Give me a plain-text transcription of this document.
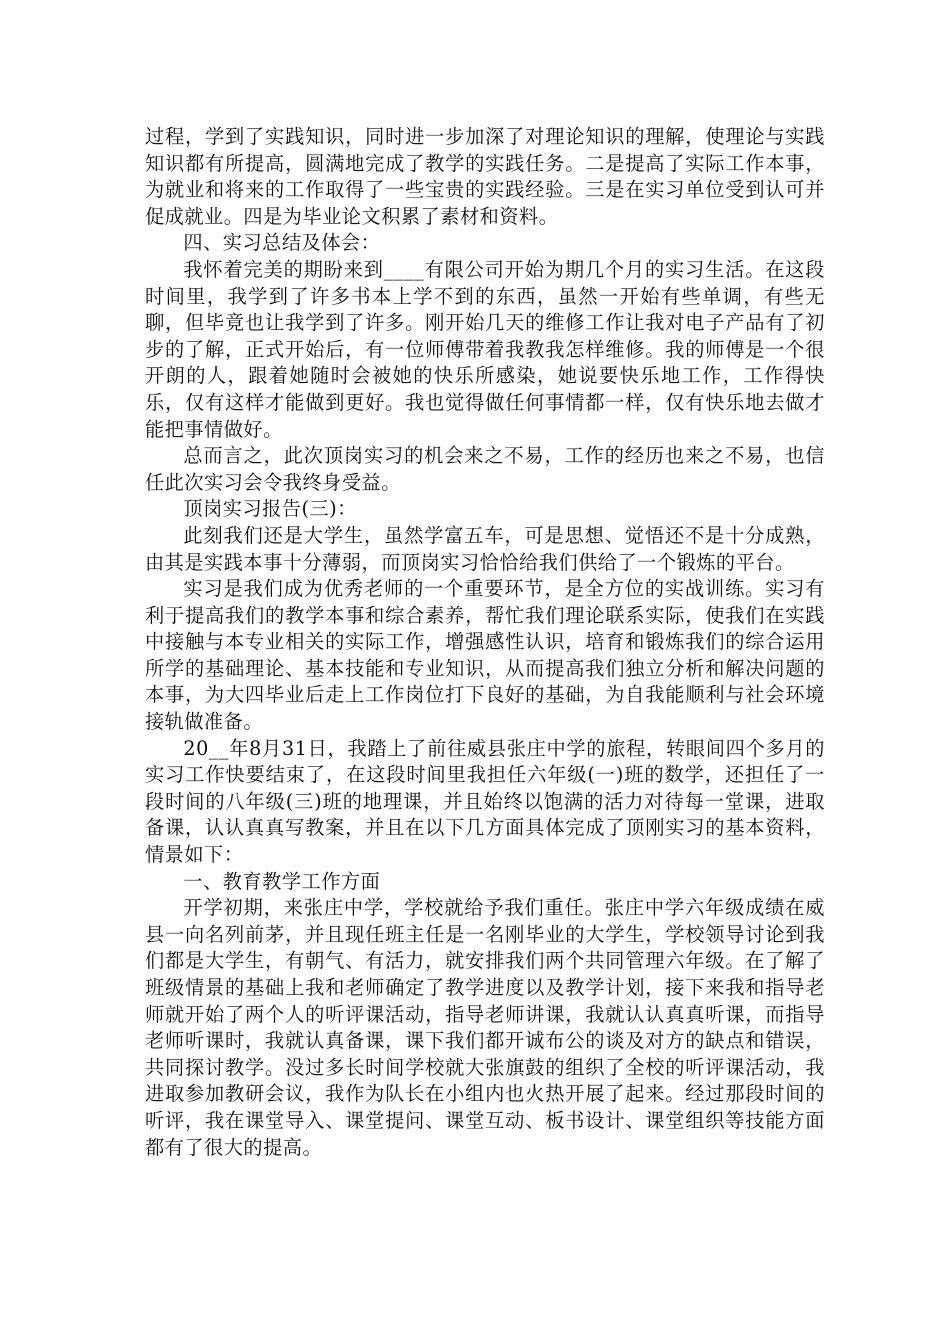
过程，学到了实践知识，同时进一步加深了对理论知识的理解，使理论与实践知识都有所提高，圆满地完成了教学的实践任务。二是提高了实际工作本事，为就业和将来的工作取得了一些宝贵的实践经验。三是在实习单位受到认可并促成就业。四是为毕业论文积累了素材和资料。

四、实习总结及体会：

我怀着完美的期盼来到____有限公司开始为期几个月的实习生活。在这段时间里，我学到了许多书本上学不到的东西，虽然一开始有些单调，有些无聊，但毕竟也让我学到了许多。刚开始几天的维修工作让我对电子产品有了初步的了解，正式开始后，有一位师傅带着我教我怎样维修。我的师傅是一个很开朗的人，跟着她随时会被她的快乐所感染，她说要快乐地工作，工作得快乐，仅有这样才能做到更好。我也觉得做任何事情都一样，仅有快乐地去做才能把事情做好。

总而言之，此次顶岗实习的机会来之不易，工作的经历也来之不易，也信任此次实习会令我终身受益。

顶岗实习报告(三)：

此刻我们还是大学生，虽然学富五车，可是思想、觉悟还不是十分成熟，由其是实践本事十分薄弱，而顶岗实习恰恰给我们供给了一个锻炼的平台。

实习是我们成为优秀老师的一个重要环节，是全方位的实战训练。实习有利于提高我们的教学本事和综合素养，帮忙我们理论联系实际，使我们在实践中接触与本专业相关的实际工作，增强感性认识，培育和锻炼我们的综合运用所学的基础理论、基本技能和专业知识，从而提高我们独立分析和解决问题的本事，为大四毕业后走上工作岗位打下良好的基础，为自我能顺利与社会环境接轨做准备。

20__年8月31日，我踏上了前往威县张庄中学的旅程，转眼间四个多月的实习工作快要结束了，在这段时间里我担任六年级(一)班的数学，还担任了一段时间的八年级(三)班的地理课，并且始终以饱满的活力对待每一堂课，进取备课，认认真真写教案，并且在以下几方面具体完成了顶刚实习的基本资料，情景如下：

一、教育教学工作方面

开学初期，来张庄中学，学校就给予我们重任。张庄中学六年级成绩在威县一向名列前茅，并且现任班主任是一名刚毕业的大学生，学校领导讨论到我们都是大学生，有朝气、有活力，就安排我们两个共同管理六年级。在了解了班级情景的基础上我和老师确定了教学进度以及教学计划，接下来我和指导老师就开始了两个人的听评课活动，指导老师讲课，我就认认真真听课，而指导老师听课时，我就认真备课，课下我们都开诚布公的谈及对方的缺点和错误，共同探讨教学。没过多长时间学校就大张旗鼓的组织了全校的听评课活动，我进取参加教研会议，我作为队长在小组内也火热开展了起来。经过那段时间的听评，我在课堂导入、课堂提问、课堂互动、板书设计、课堂组织等技能方面都有了很大的提高。
